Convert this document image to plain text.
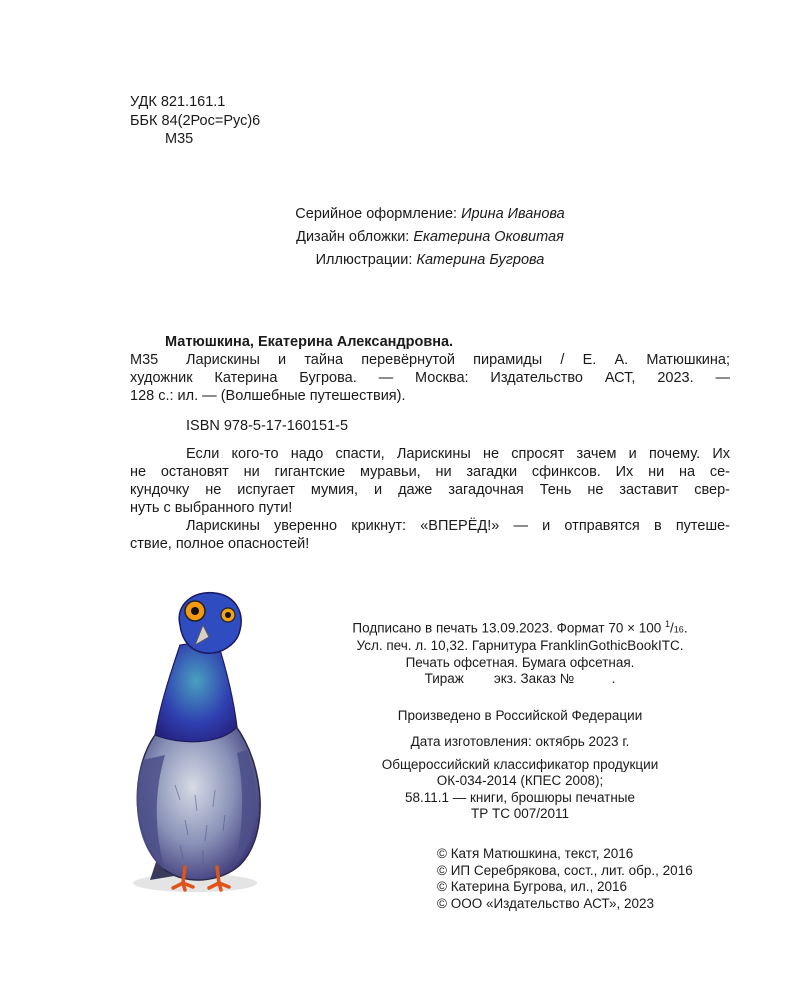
УДК 821.161.1
ББК 84(2Рос=Рус)6
М35
Серийное оформление: Ирина Иванова
Дизайн обложки: Екатерина Оковитая
Иллюстрации: Катерина Бугрова
Матюшкина, Екатерина Александровна.
М35	Ларискины и тайна перевёрнутой пирамиды / Е. А. Матюшкина;
художник Катерина Бугрова. — Москва: Издательство АСТ, 2023. —
128 с.: ил. — (Волшебные путешествия).
ISBN 978-5-17-160151-5
Если кого-то надо спасти, Ларискины не спросят зачем и почему. Их
не остановят ни гигантские муравьи, ни загадки сфинксов. Их ни на се-
кундочку не испугает мумия, и даже загадочная Тень не заставит свер-
нуть с выбранного пути!
Ларискины уверенно крикнут: «ВПЕРЁД!» — и отправятся в путеше-
ствие, полное опасностей!
Подписано в печать 13.09.2023. Формат 70 × 100 $^1$/16.
Усл. печ. л. 10,32. Гарнитура FranklinGothicBookITC.
Печать офсетная. Бумага офсетная.
Тираж        экз. Заказ №          .
Произведено в Российской Федерации
Дата изготовления: октябрь 2023 г.
Общероссийский классификатор продукции
ОК-034-2014 (КПЕС 2008);
58.11.1 — книги, брошюры печатные
ТР ТС 007/2011
© Катя Матюшкина, текст, 2016
© ИП Серебрякова, сост., лит. обр., 2016
© Катерина Бугрова, ил., 2016
© ООО «Издательство АСТ», 2023
